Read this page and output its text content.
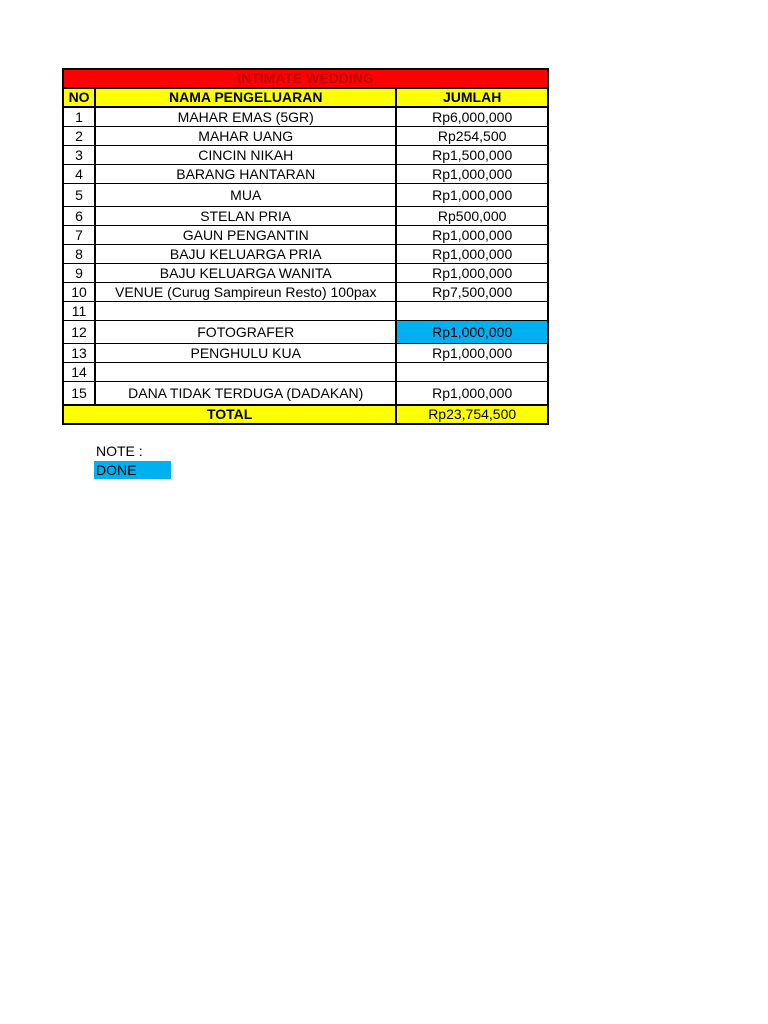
INTIMATE WEDDING		
NO	NAMA PENGELUARAN	JUMLAH
1	MAHAR EMAS (5GR)	Rp6,000,000
2	MAHAR UANG	Rp254,500
3	CINCIN NIKAH	Rp1,500,000
4	BARANG HANTARAN	Rp1,000,000
5	MUA	Rp1,000,000
6	STELAN PRIA	Rp500,000
7	GAUN PENGANTIN	Rp1,000,000
8	BAJU KELUARGA PRIA	Rp1,000,000
9	BAJU KELUARGA WANITA	Rp1,000,000
10	VENUE (Curug Sampireun Resto) 100pax	Rp7,500,000
11		
12	FOTOGRAFER	Rp1,000,000
13	PENGHULU KUA	Rp1,000,000
14		
15	DANA TIDAK TERDUGA (DADAKAN)	Rp1,000,000
TOTAL		Rp23,754,500
NOTE :
DONE
